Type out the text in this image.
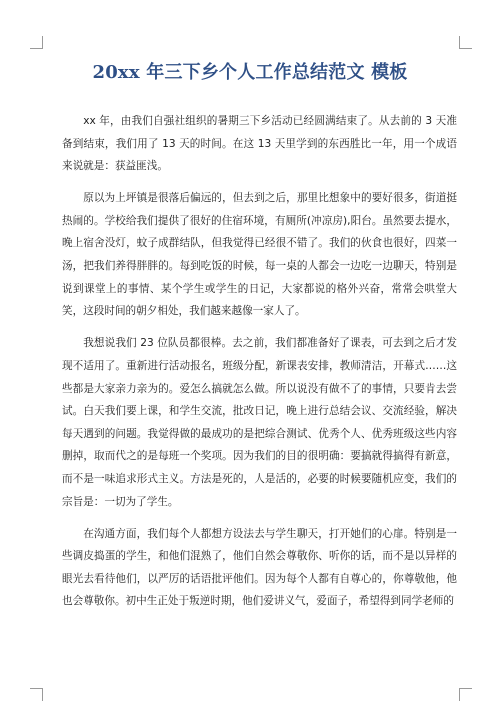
20xx 年三下乡个人工作总结范文 模板

xx 年，由我们自强社组织的暑期三下乡活动已经圆满结束了。从去前的 3 天准备到结束，我们用了 13 天的时间。在这 13 天里学到的东西胜比一年，用一个成语来说就是：获益匪浅。

原以为上坪镇是很落后偏远的，但去到之后，那里比想象中的要好很多，街道挺热闹的。学校给我们提供了很好的住宿环境，有厕所(冲凉房),阳台。虽然要去提水，晚上宿舍没灯，蚊子成群结队，但我觉得已经很不错了。我们的伙食也很好，四菜一汤，把我们养得胖胖的。每到吃饭的时候，每一桌的人都会一边吃一边聊天，特别是说到课堂上的事情、某个学生或学生的日记，大家都说的格外兴奋，常常会哄堂大笑，这段时间的朝夕相处，我们越来越像一家人了。

我想说我们 23 位队员都很棒。去之前，我们都准备好了课表，可去到之后才发现不适用了。重新进行活动报名，班级分配，新课表安排，教师清洁，开幕式……这些都是大家亲力亲为的。爱怎么搞就怎么做。所以说没有做不了的事情，只要肯去尝试。白天我们要上课，和学生交流，批改日记，晚上进行总结会议、交流经验，解决每天遇到的问题。我觉得做的最成功的是把综合测试、优秀个人、优秀班级这些内容删掉，取而代之的是每班一个奖项。因为我们的目的很明确：要搞就得搞得有新意，而不是一味追求形式主义。方法是死的，人是活的，必要的时候要随机应变，我们的宗旨是：一切为了学生。

在沟通方面，我们每个人都想方设法去与学生聊天，打开她们的心扉。特别是一些调皮捣蛋的学生，和他们混熟了，他们自然会尊敬你、听你的话，而不是以异样的眼光去看待他们，以严厉的话语批评他们。因为每个人都有自尊心的，你尊敬他，他也会尊敬你。初中生正处于叛逆时期，他们爱讲义气，爱面子，希望得到同学老师的
